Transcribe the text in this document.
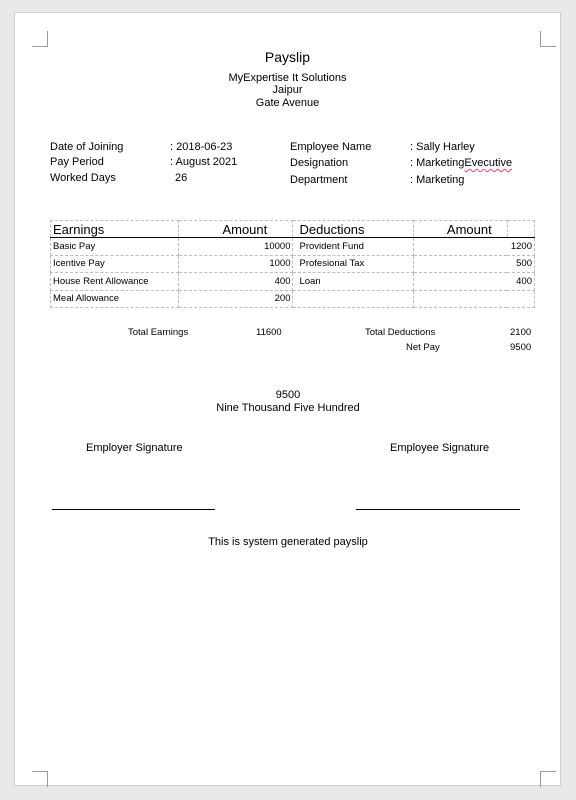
Payslip
MyExpertise It Solutions
Jaipur
Gate Avenue
Date of Joining	: 2018-06-23
Pay Period	: August 2021
Worked Days	26
Employee Name	: Sally Harley
Designation	: MarketingEvecutive
Department	: Marketing
Earnings	Amount	Deductions	Amount	
Basic Pay	10000	Provident Fund	1200	
Icentive Pay	1000	Profesional Tax	500	
House Rent Allowance	400	Loan	400	
Meal Allowance	200			
Total Earnings	11600	Total Deductions	2100
Net Pay	9500
9500
Nine Thousand Five Hundred
Employer Signature	Employee Signature
This is system generated payslip
